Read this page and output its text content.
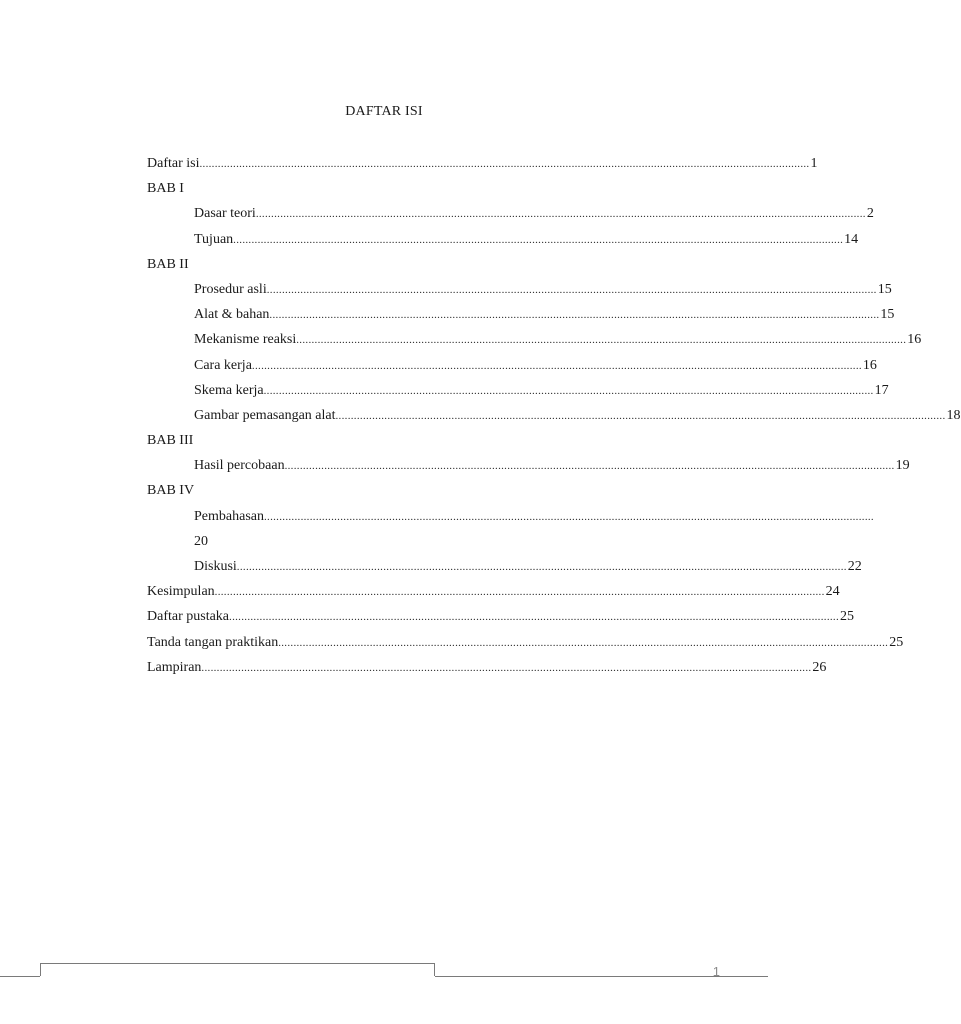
DAFTAR ISI
Daftar isi ........................................................................................................................................................................................................ 1
BAB I
Dasar teori ........................................................................................................................................................................................................ 2
Tujuan ........................................................................................................................................................................................................ 14
BAB II
Prosedur asli ........................................................................................................................................................................................................ 15
Alat & bahan ........................................................................................................................................................................................................ 15
Mekanisme reaksi ........................................................................................................................................................................................................ 16
Cara kerja ........................................................................................................................................................................................................ 16
Skema kerja ........................................................................................................................................................................................................ 17
Gambar pemasangan alat ........................................................................................................................................................................................................ 18
BAB III
Hasil percobaan ........................................................................................................................................................................................................ 19
BAB IV
Pembahasan ........................................................................................................................................................................................................
20
Diskusi ........................................................................................................................................................................................................ 22
Kesimpulan ........................................................................................................................................................................................................ 24
Daftar pustaka ........................................................................................................................................................................................................ 25
Tanda tangan praktikan ........................................................................................................................................................................................................ 25
Lampiran ........................................................................................................................................................................................................ 26
1
